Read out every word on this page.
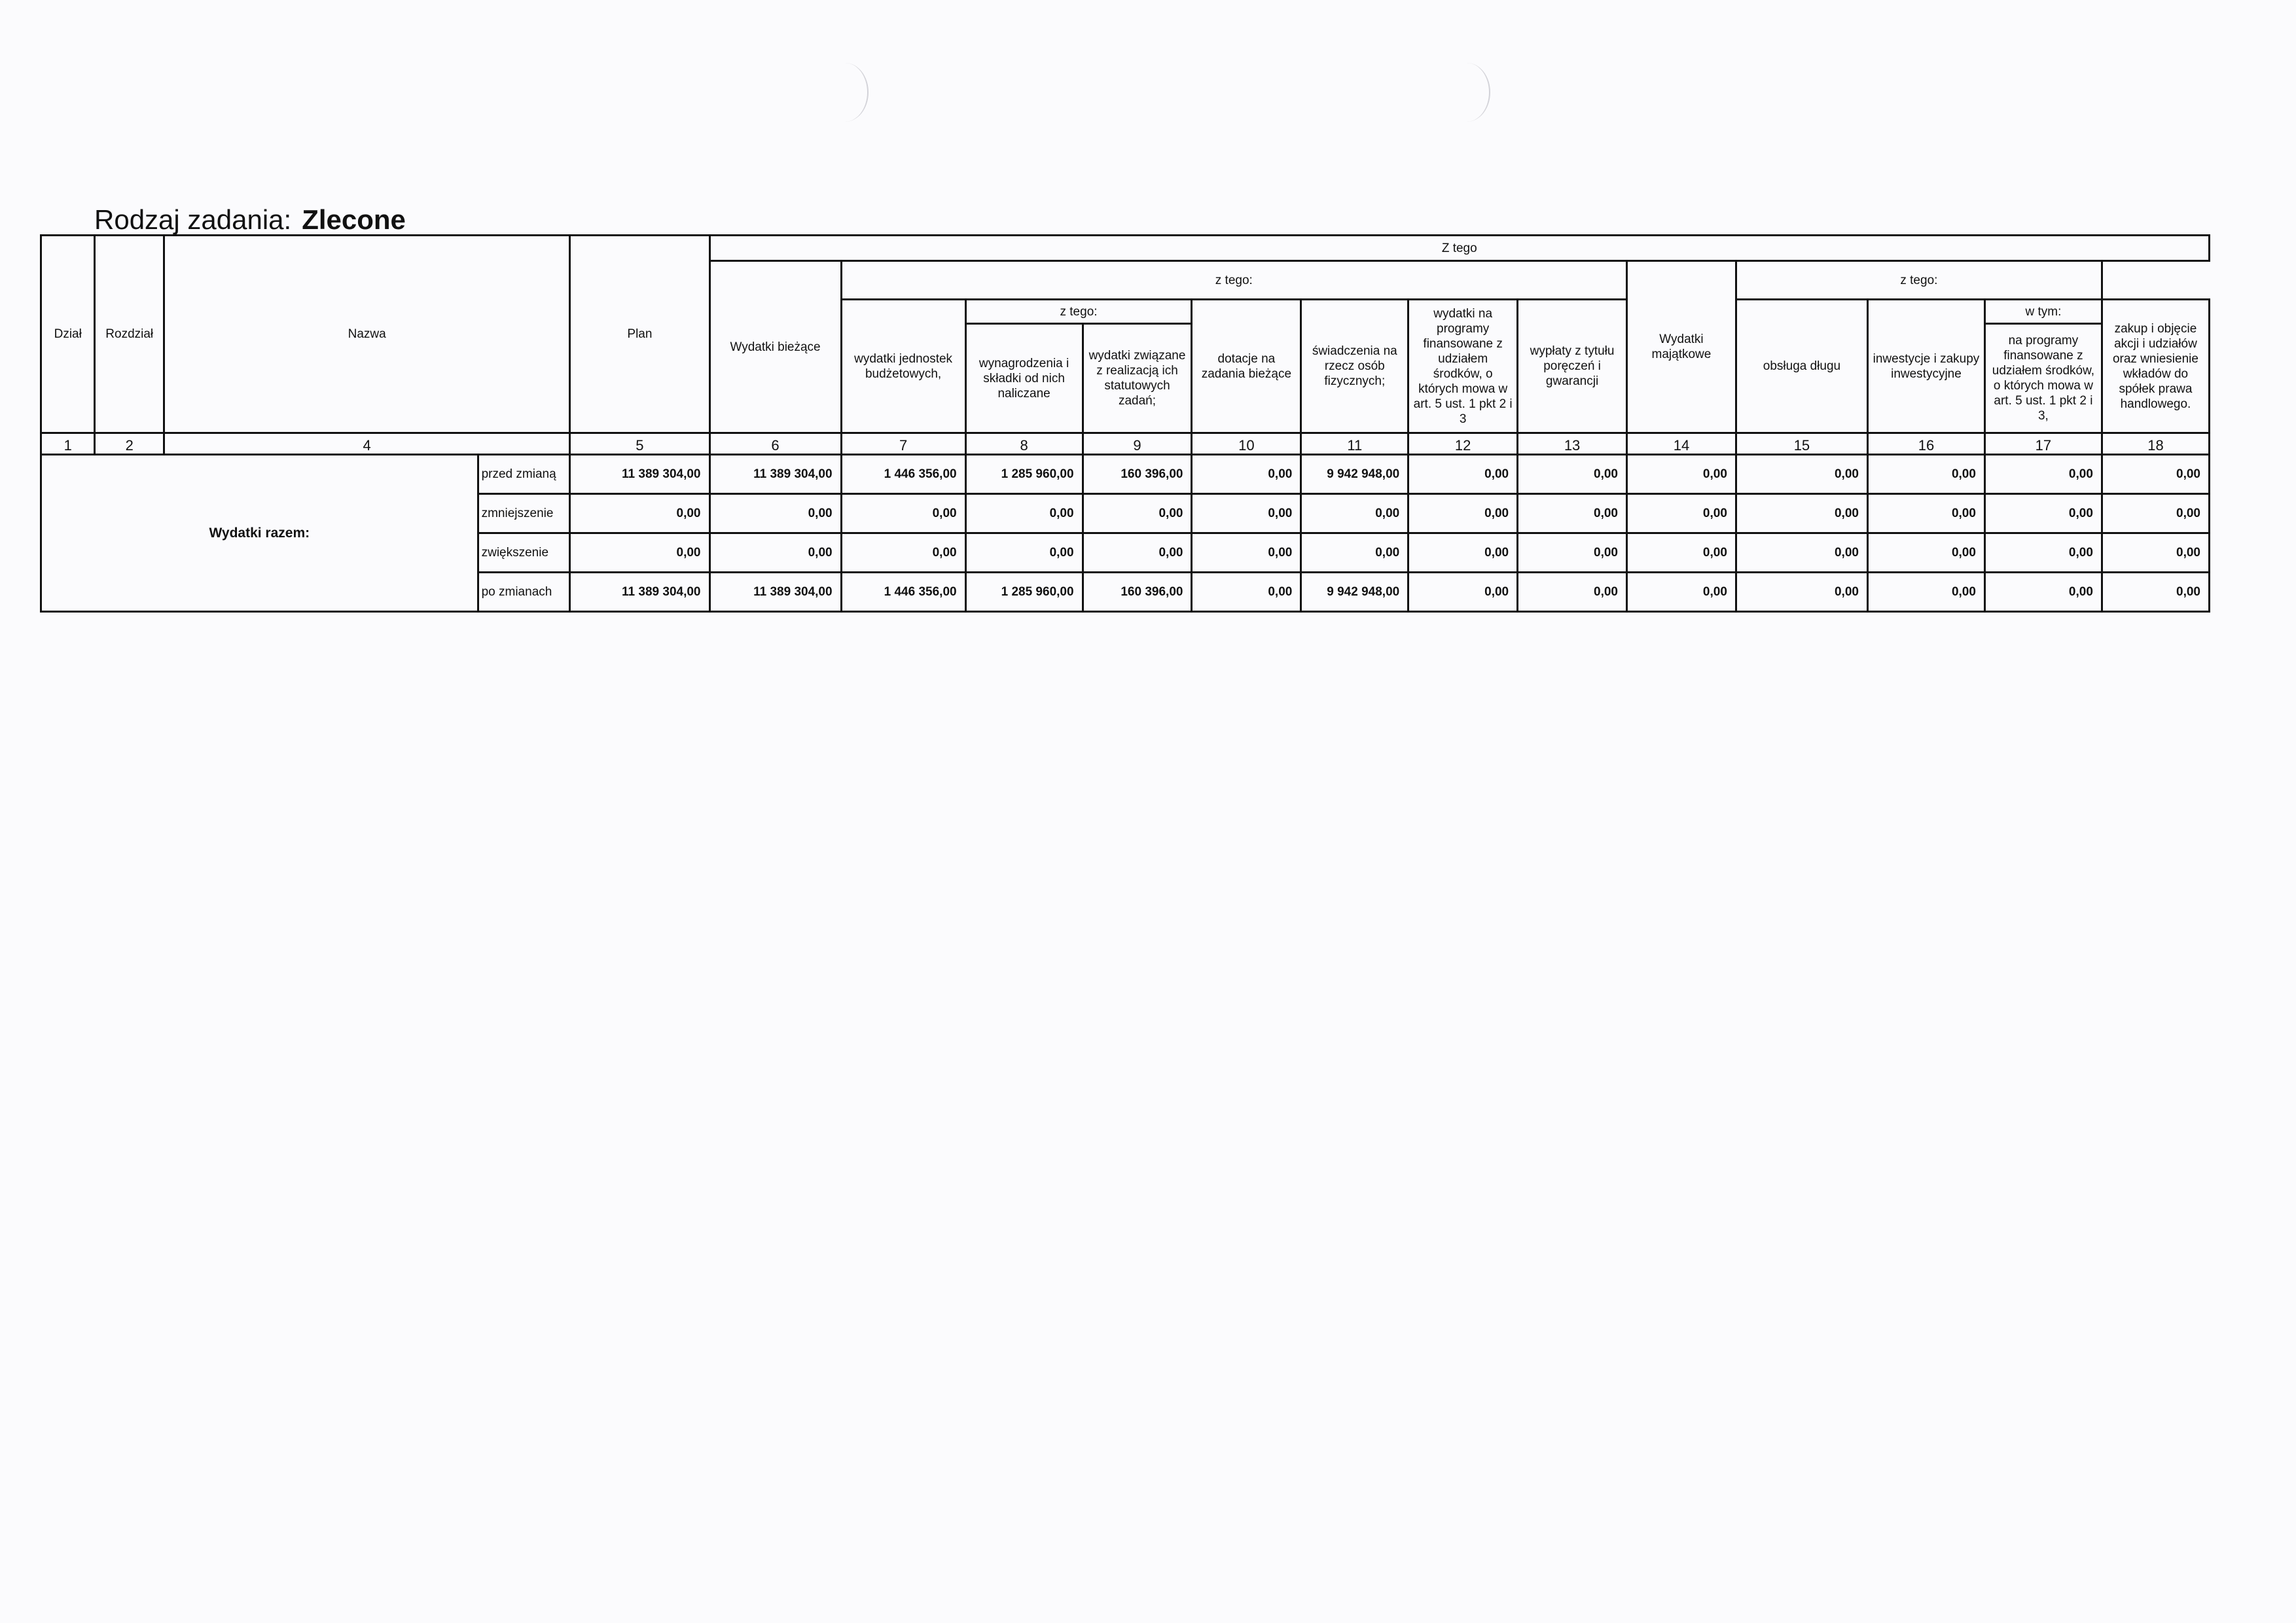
Rodzaj zadania: Zlecone
Dział	Rozdział	Nazwa		Plan	Z tego												
					Wydatki bieżące	z tego:							Wydatki majątkowe	z tego:			
						wydatki jednostek budżetowych,	z tego:		dotacje na zadania bieżące	świadczenia na rzecz osób fizycznych;	wydatki na programy finansowane z udziałem środków, o których mowa w art. 5 ust. 1 pkt 2 i 3	wypłaty z tytułu poręczeń i gwarancji		obsługa długu	inwestycje i zakupy inwestycyjne	w tym:	zakup i objęcie akcji i udziałów oraz wniesienie wkładów do spółek prawa handlowego.
							wynagrodzenia i składki od nich naliczane	wydatki związane z realizacją ich statutowych zadań;								na programy finansowane z udziałem środków, o których mowa w art. 5 ust. 1 pkt 2 i 3,	
1	2	4		5	6	7	8	9	10	11	12	13	14	15	16	17	18
Wydatki razem:			przed zmianą	11 389 304,00	11 389 304,00	1 446 356,00	1 285 960,00	160 396,00	0,00	9 942 948,00	0,00	0,00	0,00	0,00	0,00	0,00	0,00
			zmniejszenie	0,00	0,00	0,00	0,00	0,00	0,00	0,00	0,00	0,00	0,00	0,00	0,00	0,00	0,00
			zwiększenie	0,00	0,00	0,00	0,00	0,00	0,00	0,00	0,00	0,00	0,00	0,00	0,00	0,00	0,00
			po zmianach	11 389 304,00	11 389 304,00	1 446 356,00	1 285 960,00	160 396,00	0,00	9 942 948,00	0,00	0,00	0,00	0,00	0,00	0,00	0,00
